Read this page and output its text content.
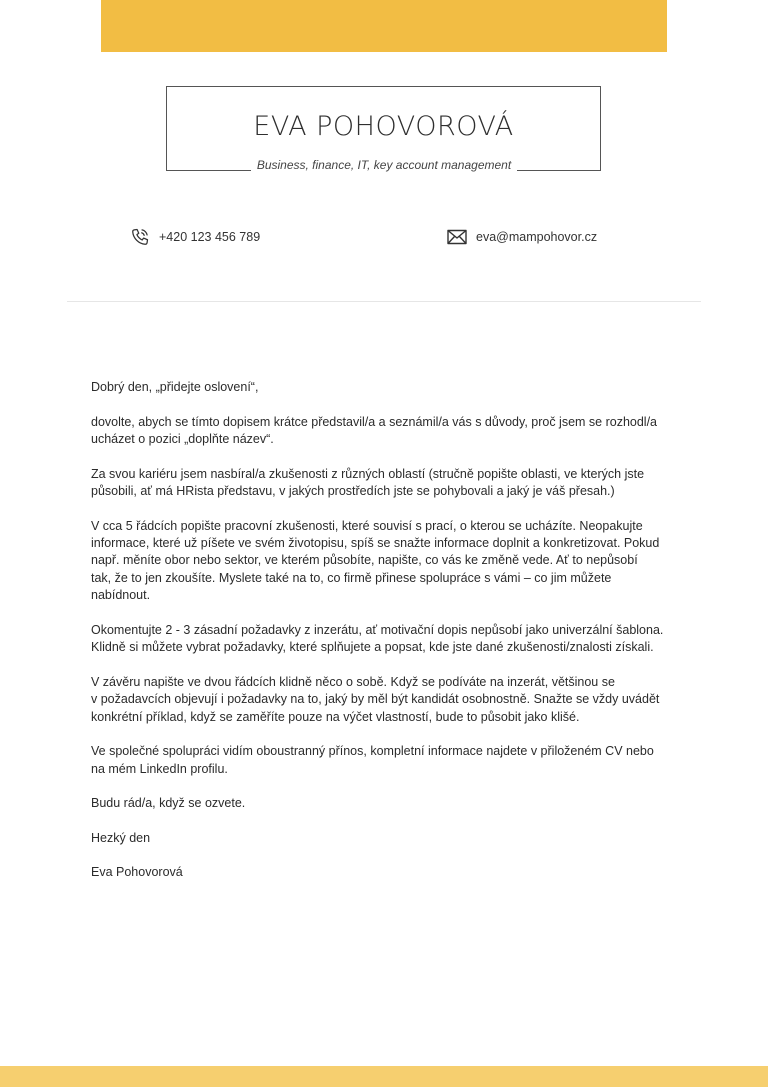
EVA POHOVOROVÁ
Business, finance, IT, key account management
+420 123 456 789	eva@mampohovor.cz

Dobrý den, „přidejte oslovení“,

dovolte, abych se tímto dopisem krátce představil/a a seznámil/a vás s důvody, proč jsem se rozhodl/a
ucházet o pozici „doplňte název“.

Za svou kariéru jsem nasbíral/a zkušenosti z různých oblastí (stručně popište oblasti, ve kterých jste
působili, ať má HRista představu, v jakých prostředích jste se pohybovali a jaký je váš přesah.)

V cca 5 řádcích popište pracovní zkušenosti, které souvisí s prací, o kterou se ucházíte. Neopakujte
informace, které už píšete ve svém životopisu, spíš se snažte informace doplnit a konkretizovat. Pokud
např. měníte obor nebo sektor, ve kterém působíte, napište, co vás ke změně vede. Ať to nepůsobí
tak, že to jen zkoušíte. Myslete také na to, co firmě přinese spolupráce s vámi – co jim můžete
nabídnout.

Okomentujte 2 - 3 zásadní požadavky z inzerátu, ať motivační dopis nepůsobí jako univerzální šablona.
Klidně si můžete vybrat požadavky, které splňujete a popsat, kde jste dané zkušenosti/znalosti získali.

V závěru napište ve dvou řádcích klidně něco o sobě. Když se podíváte na inzerát, většinou se
v požadavcích objevují i požadavky na to, jaký by měl být kandidát osobnostně. Snažte se vždy uvádět
konkrétní příklad, když se zaměříte pouze na výčet vlastností, bude to působit jako klišé.

Ve společné spolupráci vidím oboustranný přínos, kompletní informace najdete v přiloženém CV nebo
na mém LinkedIn profilu.

Budu rád/a, když se ozvete.

Hezký den

Eva Pohovorová
